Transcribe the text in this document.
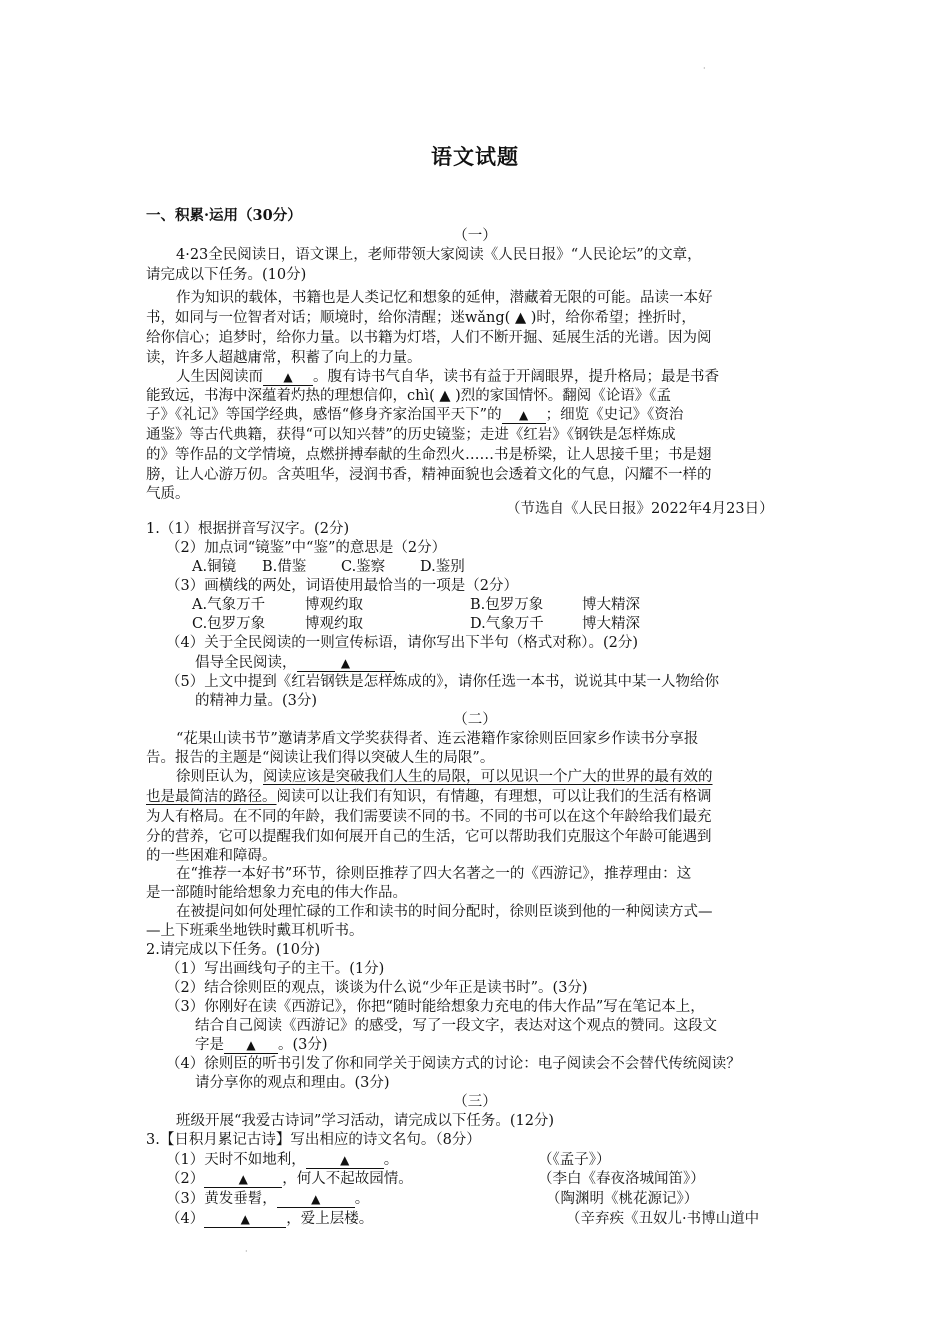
·
·
语文试题
一、积累·运用（30分）
（一）
4·23全民阅读日，语文课上，老师带领大家阅读《人民日报》“人民论坛”的文章，
请完成以下任务。(10分)
作为知识的载体，书籍也是人类记忆和想象的延伸，潜藏着无限的可能。品读一本好
书，如同与一位智者对话；顺境时，给你清醒；迷wǎng( ▲ )时，给你希望；挫折时，
给你信心；追梦时，给你力量。以书籍为灯塔，人们不断开掘、延展生活的光谱。因为阅
读，许多人超越庸常，积蓄了向上的力量。
人生因阅读而 ▲ 。腹有诗书气自华，读书有益于开阔眼界，提升格局；最是书香
能致远，书海中深蕴着灼热的理想信仰，chì( ▲ )烈的家国情怀。翻阅《论语》《孟
子》《礼记》等国学经典，感悟“修身齐家治国平天下”的 ▲ ；细览《史记》《资治
通鉴》等古代典籍，获得“可以知兴替”的历史镜鉴；走进《红岩》《钢铁是怎样炼成
的》等作品的文学情境，点燃拼搏奉献的生命烈火……书是桥梁，让人思接千里；书是翅
膀，让人心游万仞。含英咀华，浸润书香，精神面貌也会透着文化的气息，闪耀不一样的
气质。
（节选自《人民日报》2022年4月23日）
1.（1）根据拼音写汉字。(2分)
（2）加点词“镜鉴”中“鉴”的意思是（2分）
A.铜镜 B.借鉴 C.鉴察 D.鉴别
（3）画横线的两处，词语使用最恰当的一项是（2分）
A.气象万千	博观约取	B.包罗万象	博大精深
C.包罗万象	博观约取	D.气象万千	博大精深
（4）关于全民阅读的一则宣传标语，请你写出下半句（格式对称）。(2分)
倡导全民阅读，	▲
（5）上文中提到《红岩钢铁是怎样炼成的》，请你任选一本书，说说其中某一人物给你
的精神力量。(3分)
（二）
“花果山读书节”邀请茅盾文学奖获得者、连云港籍作家徐则臣回家乡作读书分享报
告。报告的主题是“阅读让我们得以突破人生的局限”。
徐则臣认为，阅读应该是突破我们人生的局限，可以见识一个广大的世界的最有效的
也是最简洁的路径。阅读可以让我们有知识，有情趣，有理想，可以让我们的生活有格调
为人有格局。在不同的年龄，我们需要读不同的书。不同的书可以在这个年龄给我们最充
分的营养，它可以提醒我们如何展开自己的生活，它可以帮助我们克服这个年龄可能遇到
的一些困难和障碍。
在“推荐一本好书”环节，徐则臣推荐了四大名著之一的《西游记》，推荐理由：这
是一部随时能给想象力充电的伟大作品。
在被提问如何处理忙碌的工作和读书的时间分配时，徐则臣谈到他的一种阅读方式—
—上下班乘坐地铁时戴耳机听书。
2.请完成以下任务。(10分)
（1）写出画线句子的主干。(1分)
（2）结合徐则臣的观点，谈谈为什么说“少年正是读书时”。(3分)
（3）你刚好在读《西游记》，你把“随时能给想象力充电的伟大作品”写在笔记本上，
结合自己阅读《西游记》的感受，写了一段文字，表达对这个观点的赞同。这段文
字是 ▲ 。(3分)
（4）徐则臣的听书引发了你和同学关于阅读方式的讨论：电子阅读会不会替代传统阅读？
请分享你的观点和理由。(3分)
（三）
班级开展“我爱古诗词”学习活动，请完成以下任务。(12分)
3.【日积月累记古诗】写出相应的诗文名句。（8分）
（1）天时不如地利，	▲ 。	（《孟子》）
（2）	▲ ，何人不起故园情。	（李白《春夜洛城闻笛》）
（3）黄发垂髫，	▲ 。	（陶渊明《桃花源记》）
（4）	▲	，爱上层楼。	（辛弃疾《丑奴儿·书博山道中
